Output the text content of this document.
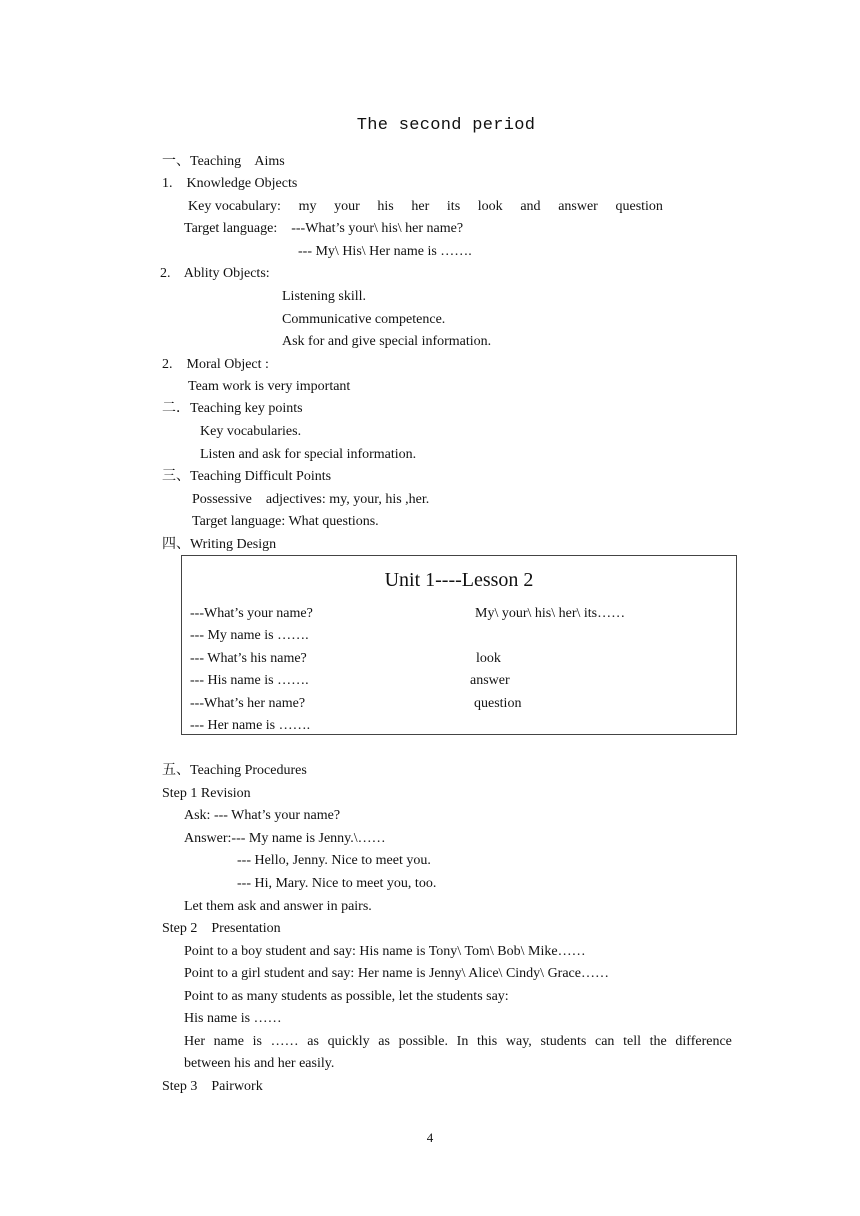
The second period
一、Teaching    Aims
1.    Knowledge Objects
Key vocabulary: my your his her its look and answer question
Target language:    ---What’s your\ his\ her name?
--- My\ His\ Her name is …….
2.    Ablity Objects:
Listening skill.
Communicative competence.
Ask for and give special information.
2.    Moral Object :
Team work is very important
二．Teaching key points
Key vocabularies.
Listen and ask for special information.
三、Teaching Difficult Points
Possessive    adjectives: my, your, his ,her.
Target language: What questions.
四、Writing Design
Unit 1----Lesson 2
---What’s your name?
--- My name is …….
--- What’s his name?
--- His name is …….
---What’s her name?
--- Her name is …….
My\ your\ his\ her\ its……
look
answer
question
五、Teaching Procedures
Step 1 Revision
Ask: --- What’s your name?
Answer:--- My name is Jenny.\……
--- Hello, Jenny. Nice to meet you.
--- Hi, Mary. Nice to meet you, too.
Let them ask and answer in pairs.
Step 2    Presentation
Point to a boy student and say: His name is Tony\ Tom\ Bob\ Mike……
Point to a girl student and say: Her name is Jenny\ Alice\ Cindy\ Grace……
Point to as many students as possible, let the students say:
His name is ……
Her name is …… as quickly as possible. In this way, students can tell the difference
between his and her easily.
Step 3    Pairwork
4
